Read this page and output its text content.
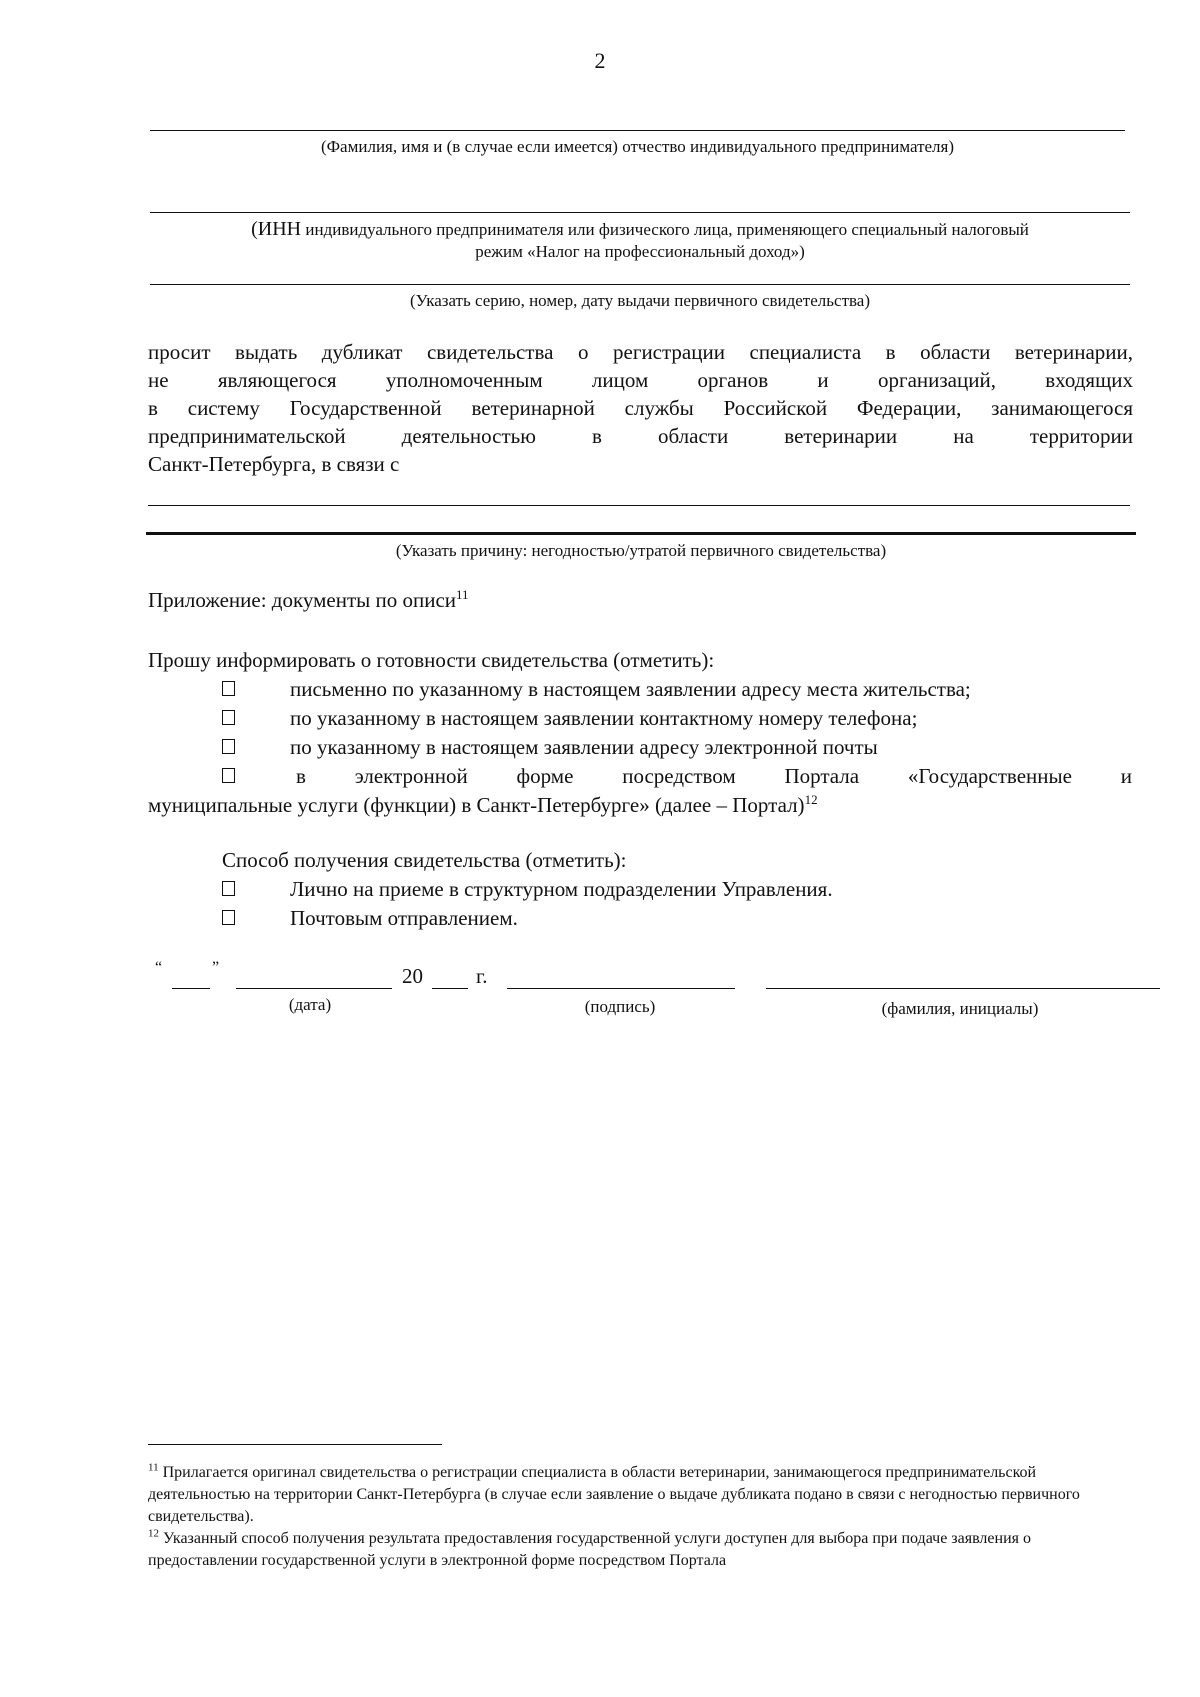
2
(Фамилия, имя и (в случае если имеется) отчество индивидуального предпринимателя)
(ИНН индивидуального предпринимателя или физического лица, применяющего специальный налоговый
режим «Налог на профессиональный доход»)
(Указать серию, номер, дату выдачи первичного свидетельства)
просит выдать дубликат свидетельства о регистрации специалиста в области ветеринарии,
не являющегося уполномоченным лицом органов и организаций, входящих
в систему Государственной ветеринарной службы Российской Федерации, занимающегося
предпринимательской деятельностью в области ветеринарии на территории
Санкт-Петербурга, в связи с
(Указать причину: негодностью/утратой первичного свидетельства)
Приложение: документы по описи$^{11}$
Прошу информировать о готовности свидетельства (отметить):
письменно по указанному в настоящем заявлении адресу места жительства;
по указанному в настоящем заявлении контактному номеру телефона;
по указанному в настоящем заявлении адресу электронной почты
в электронной форме посредством Портала «Государственные и
муниципальные услуги (функции) в Санкт-Петербурге» (далее – Портал)$^{12}$
Способ получения свидетельства (отметить):
Лично на приеме в структурном подразделении Управления.
Почтовым отправлением.
“	”	20	г.
(дата)	(подпись)	(фамилия, инициалы)

$^{11}$ Прилагается оригинал свидетельства о регистрации специалиста в области ветеринарии, занимающегося предпринимательской деятельностью на территории Санкт-Петербурга (в случае если заявление о выдаче дубликата подано в связи с негодностью первичного свидетельства).

$^{12}$ Указанный способ получения результата предоставления государственной услуги доступен для выбора при подаче заявления о предоставлении государственной услуги в электронной форме посредством Портала
